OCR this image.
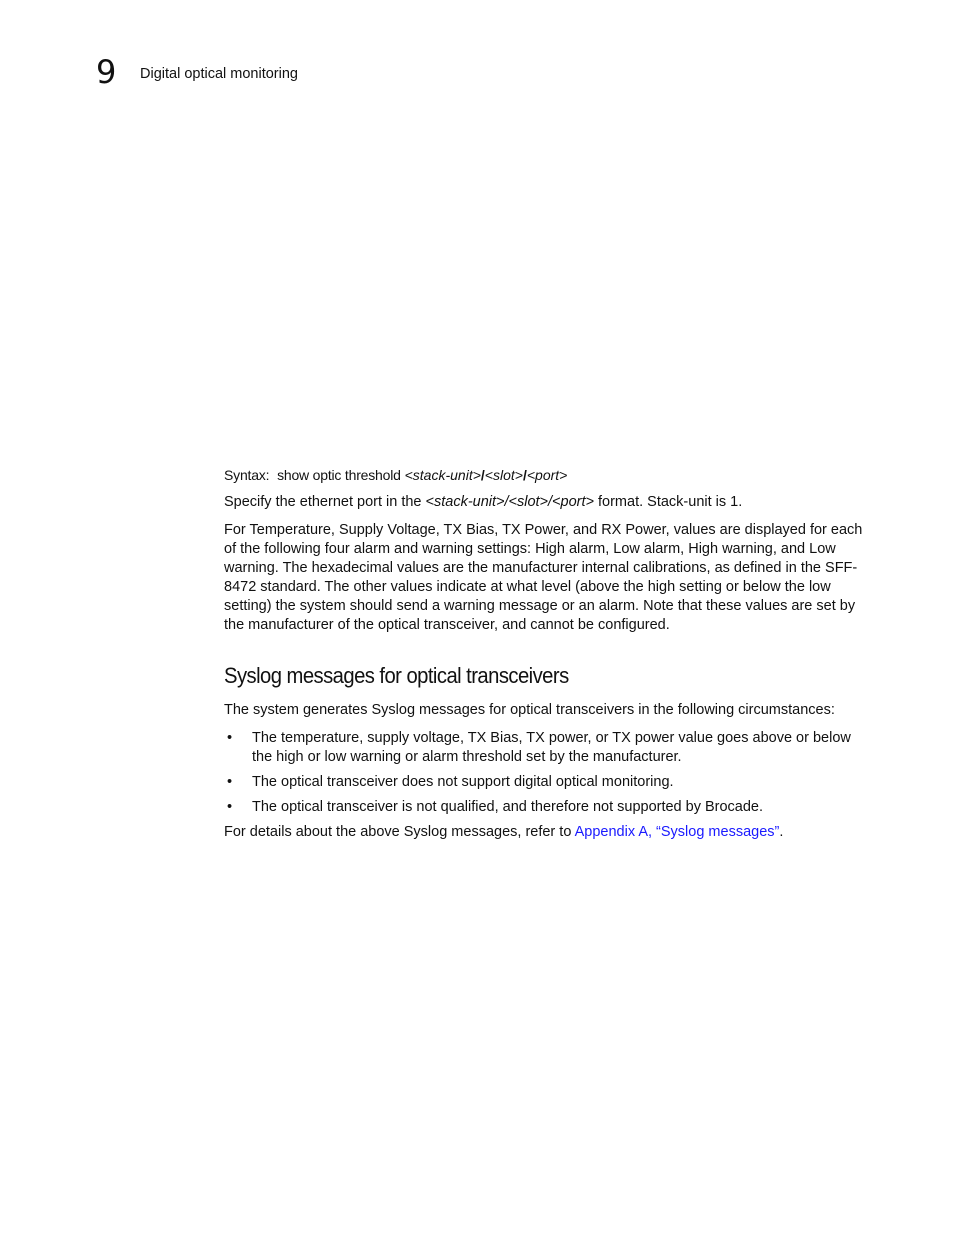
9 Digital optical monitoring
Syntax: show optic threshold <stack-unit>/<slot>/<port>

Specify the ethernet port in the <stack-unit>/<slot>/<port> format. Stack-unit is 1.

For Temperature, Supply Voltage, TX Bias, TX Power, and RX Power, values are displayed for each of the following four alarm and warning settings: High alarm, Low alarm, High warning, and Low warning. The hexadecimal values are the manufacturer internal calibrations, as defined in the SFF-8472 standard. The other values indicate at what level (above the high setting or below the low setting) the system should send a warning message or an alarm. Note that these values are set by the manufacturer of the optical transceiver, and cannot be configured.

Syslog messages for optical transceivers

The system generates Syslog messages for optical transceivers in the following circumstances:

• The temperature, supply voltage, TX Bias, TX power, or TX power value goes above or below the high or low warning or alarm threshold set by the manufacturer.
• The optical transceiver does not support digital optical monitoring.
• The optical transceiver is not qualified, and therefore not supported by Brocade.

For details about the above Syslog messages, refer to Appendix A, “Syslog messages”.
